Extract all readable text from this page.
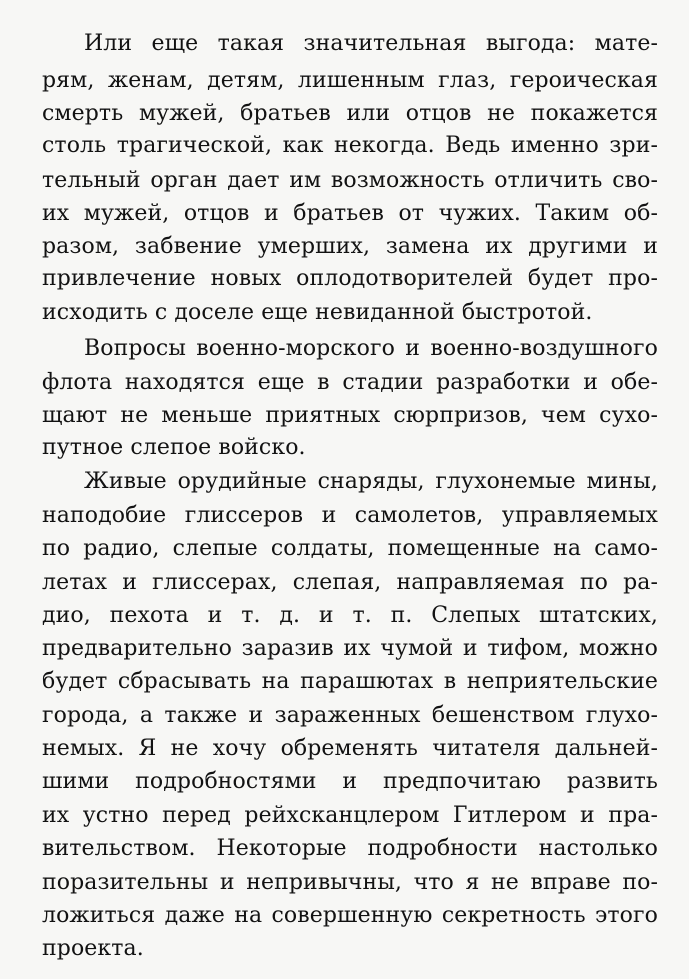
Или еще такая значительная выгода: мате-
рям, женам, детям, лишенным глаз, героическая
смерть мужей, братьев или отцов не покажется
столь трагической, как некогда. Ведь именно зри-
тельный орган дает им возможность отличить сво-
их мужей, отцов и братьев от чужих. Таким об-
разом, забвение умерших, замена их другими и
привлечение новых оплодотворителей будет про-
исходить с доселе еще невиданной быстротой.
Вопросы военно-морского и военно-воздушного
флота находятся еще в стадии разработки и обе-
щают не меньше приятных сюрпризов, чем сухо-
путное слепое войско.
Живые орудийные снаряды, глухонемые мины,
наподобие глиссеров и самолетов, управляемых
по радио, слепые солдаты, помещенные на само-
летах и глиссерах, слепая, направляемая по ра-
дио, пехота и т. д. и т. п. Слепых штатских,
предварительно заразив их чумой и тифом, можно
будет сбрасывать на парашютах в неприятельские
города, а также и зараженных бешенством глухо-
немых. Я не хочу обременять читателя дальней-
шими подробностями и предпочитаю развить
их устно перед рейхсканцлером Гитлером и пра-
вительством. Некоторые подробности настолько
поразительны и непривычны, что я не вправе по-
ложиться даже на совершенную секретность этого
проекта.
